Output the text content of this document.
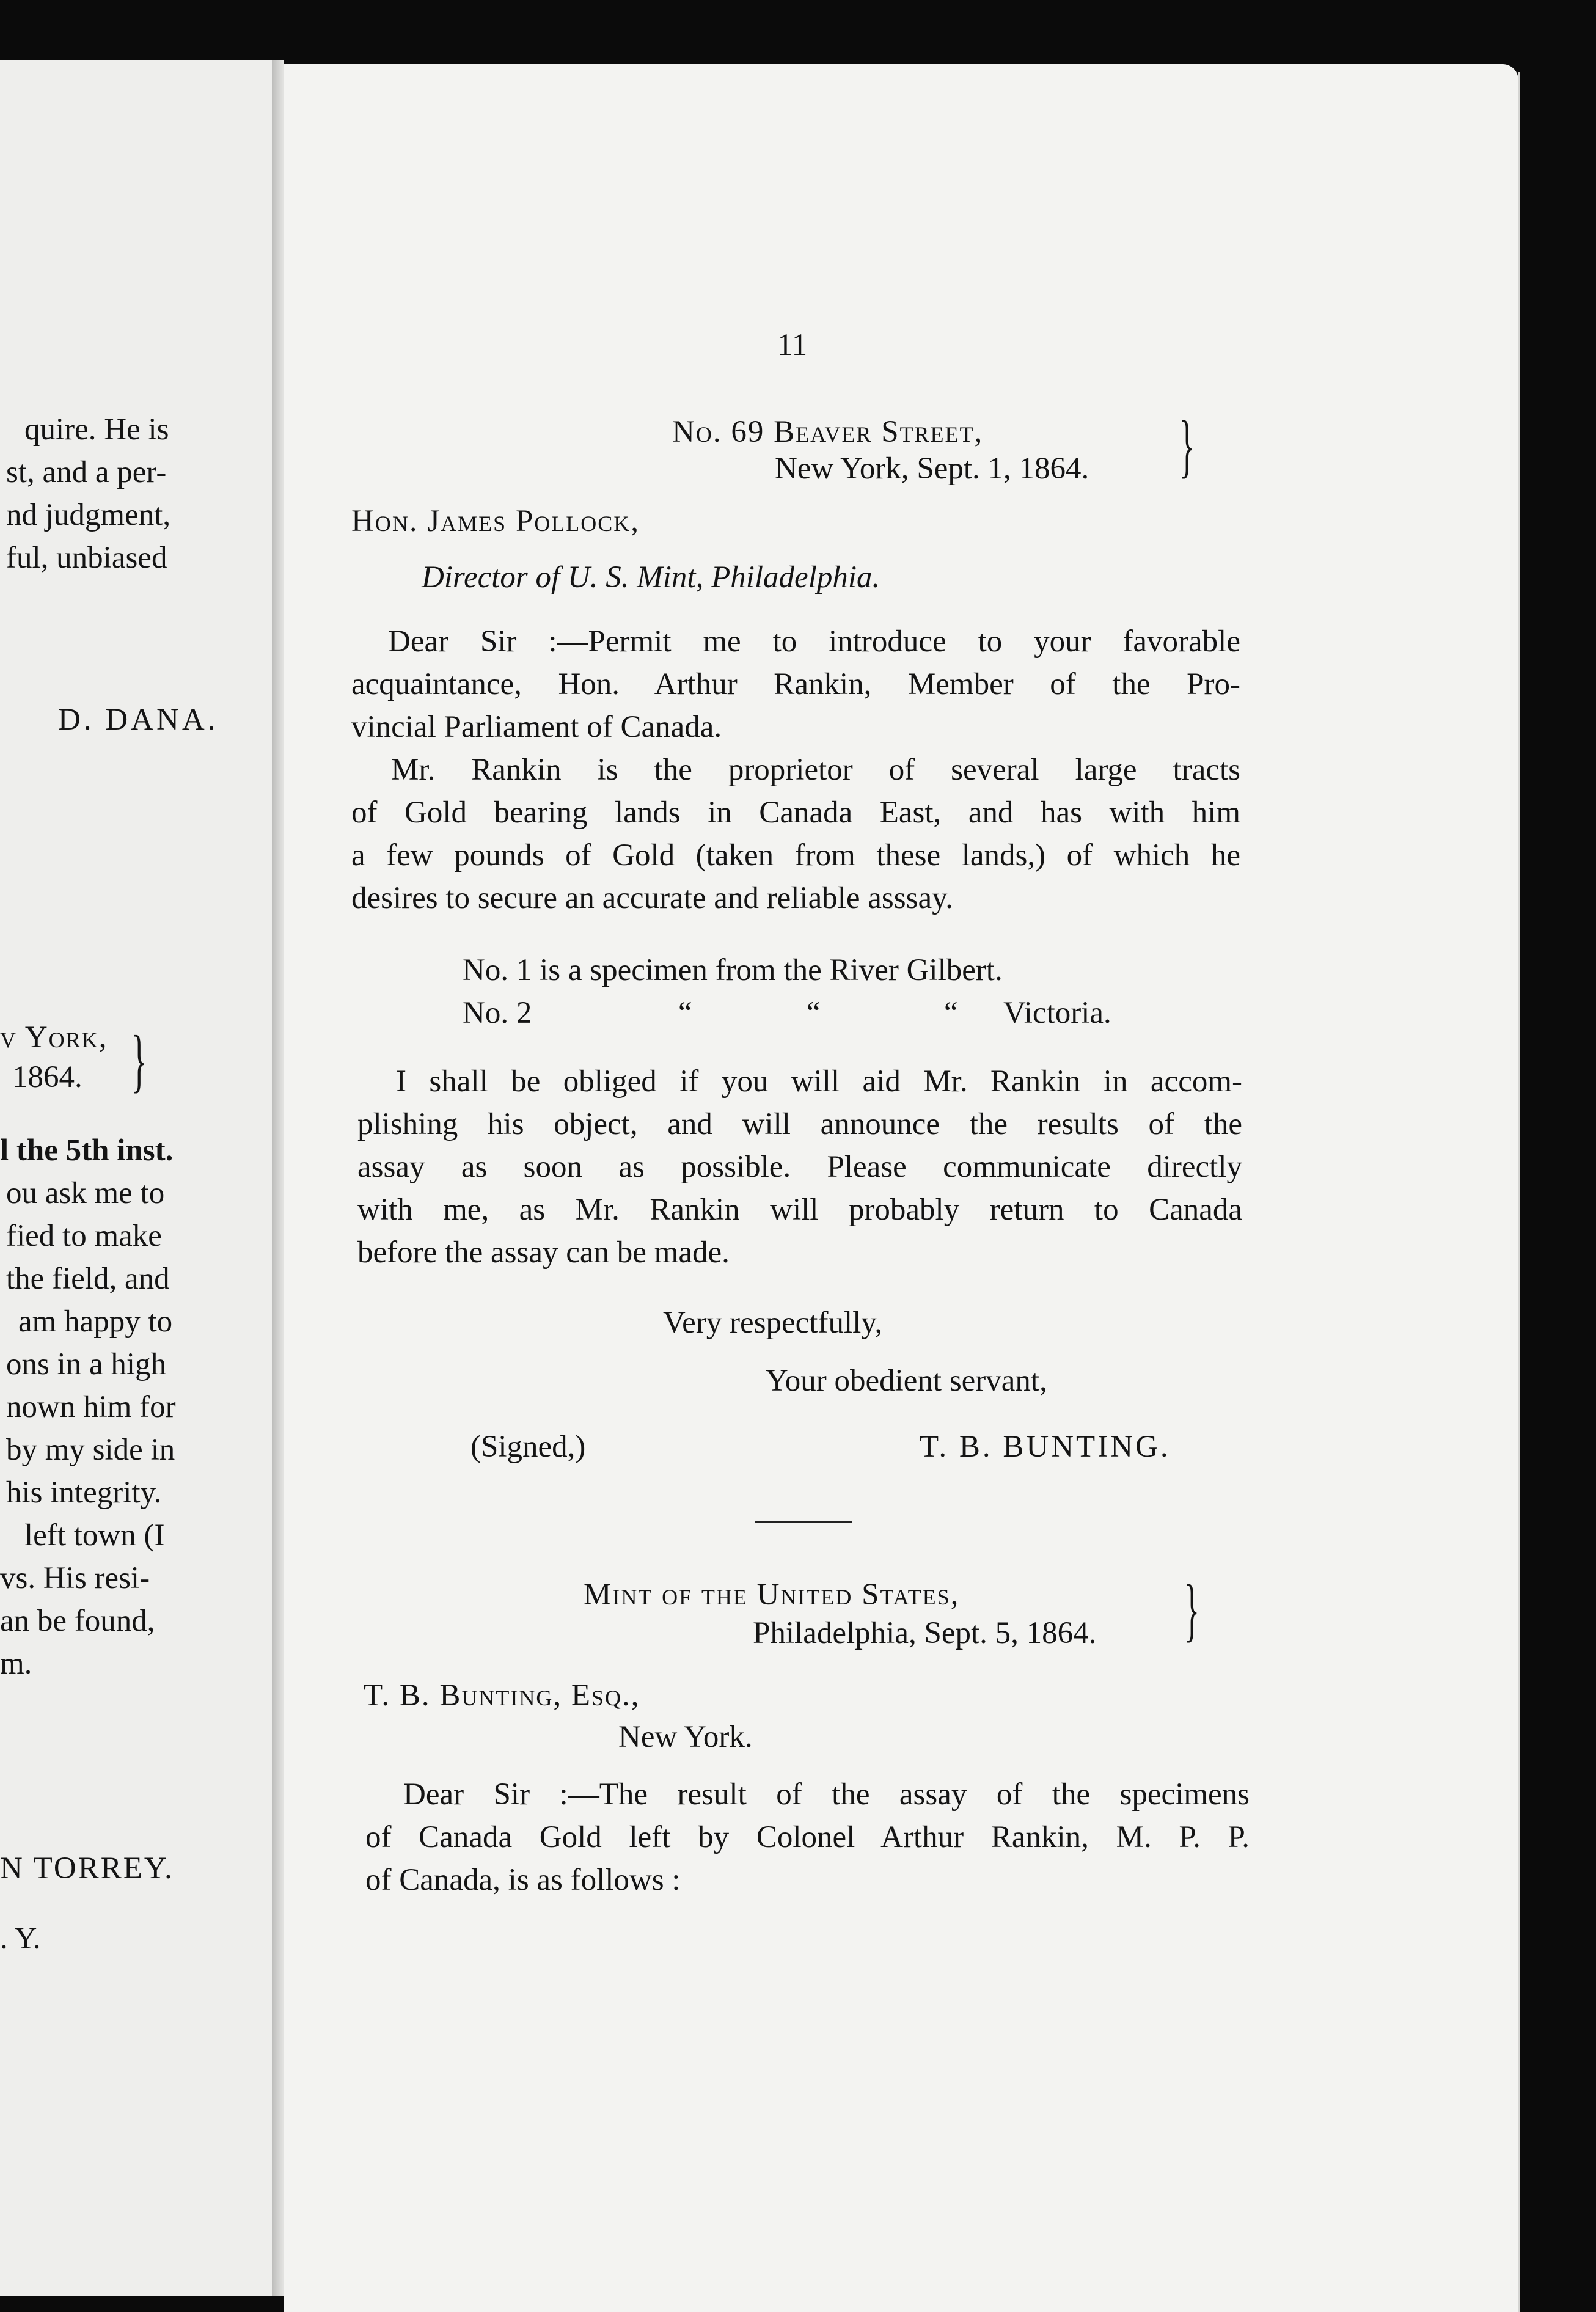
quire. He is
st, and a per-
nd judgment,
ful, unbiased
D. DANA.
v York,
1864. }
l the 5th inst.
ou ask me to
fied to make
the field, and
am happy to
ons in a high
nown him for
by my side in
his integrity.
left town (I
vs. His resi-
an be found,
m.
N TORREY.
. Y.
11
No. 69 Beaver Street,
New York, Sept. 1, 1864. }
Hon. James Pollock,
Director of U. S. Mint, Philadelphia.
Dear Sir :—Permit me to introduce to your favorable
acquaintance, Hon. Arthur Rankin, Member of the Pro-
vincial Parliament of Canada.
Mr. Rankin is the proprietor of several large tracts
of Gold bearing lands in Canada East, and has with him
a few pounds of Gold (taken from these lands,) of which he
desires to secure an accurate and reliable asssay.
No. 1 is a specimen from the River Gilbert.
No. 2	“	“	“ Victoria.
I shall be obliged if you will aid Mr. Rankin in accom-
plishing his object, and will announce the results of the
assay as soon as possible. Please communicate directly
with me, as Mr. Rankin will probably return to Canada
before the assay can be made.
Very respectfully,
Your obedient servant,
(Signed,)	T. B. BUNTING.
Mint of the United States,
Philadelphia, Sept. 5, 1864. }
T. B. Bunting, Esq.,
New York.
Dear Sir :—The result of the assay of the specimens
of Canada Gold left by Colonel Arthur Rankin, M. P. P.
of Canada, is as follows :
